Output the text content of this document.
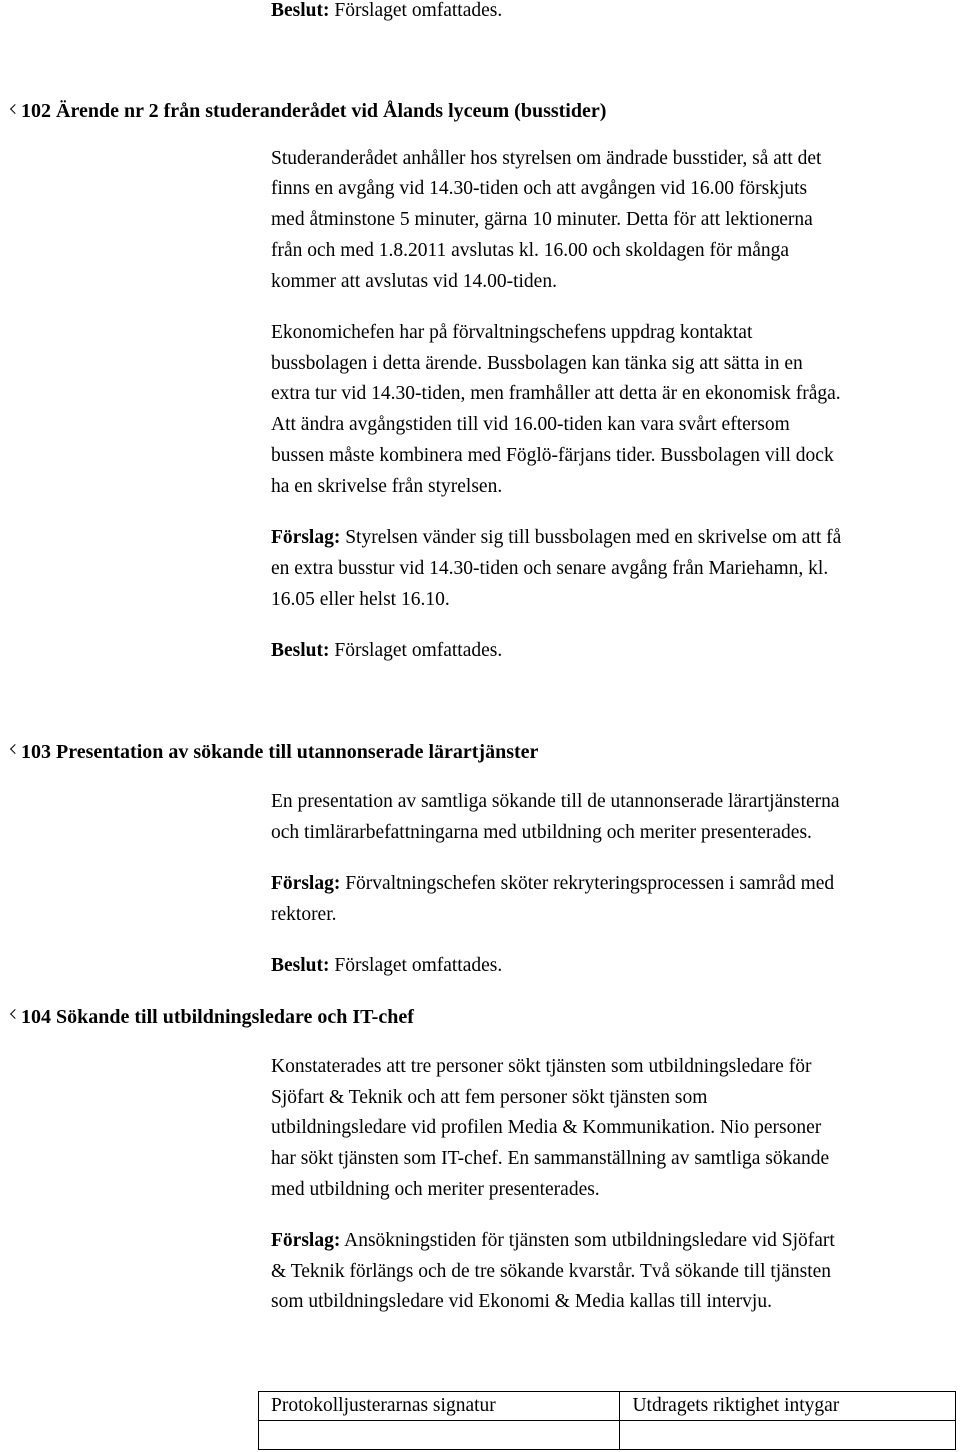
Beslut: Förslaget omfattades.
102 Ärende nr 2 från studeranderådet vid Ålands lyceum (busstider)
Studeranderådet anhåller hos styrelsen om ändrade busstider, så att det
finns en avgång vid 14.30-tiden och att avgången vid 16.00 förskjuts
med åtminstone 5 minuter, gärna 10 minuter. Detta för att lektionerna
från och med 1.8.2011 avslutas kl. 16.00 och skoldagen för många
kommer att avslutas vid 14.00-tiden.
Ekonomichefen har på förvaltningschefens uppdrag kontaktat
bussbolagen i detta ärende. Bussbolagen kan tänka sig att sätta in en
extra tur vid 14.30-tiden, men framhåller att detta är en ekonomisk fråga.
Att ändra avgångstiden till vid 16.00-tiden kan vara svårt eftersom
bussen måste kombinera med Föglö-färjans tider. Bussbolagen vill dock
ha en skrivelse från styrelsen.
Förslag: Styrelsen vänder sig till bussbolagen med en skrivelse om att få
en extra busstur vid 14.30-tiden och senare avgång från Mariehamn, kl.
16.05 eller helst 16.10.
Beslut: Förslaget omfattades.
103 Presentation av sökande till utannonserade lärartjänster
En presentation av samtliga sökande till de utannonserade lärartjänsterna
och timlärarbefattningarna med utbildning och meriter presenterades.
Förslag: Förvaltningschefen sköter rekryteringsprocessen i samråd med
rektorer.
Beslut: Förslaget omfattades.
104 Sökande till utbildningsledare och IT-chef
Konstaterades att tre personer sökt tjänsten som utbildningsledare för
Sjöfart & Teknik och att fem personer sökt tjänsten som
utbildningsledare vid profilen Media & Kommunikation. Nio personer
har sökt tjänsten som IT-chef. En sammanställning av samtliga sökande
med utbildning och meriter presenterades.
Förslag: Ansökningstiden för tjänsten som utbildningsledare vid Sjöfart
& Teknik förlängs och de tre sökande kvarstår. Två sökande till tjänsten
som utbildningsledare vid Ekonomi & Media kallas till intervju.
Protokolljusterarnas signatur	Utdragets riktighet intygar
